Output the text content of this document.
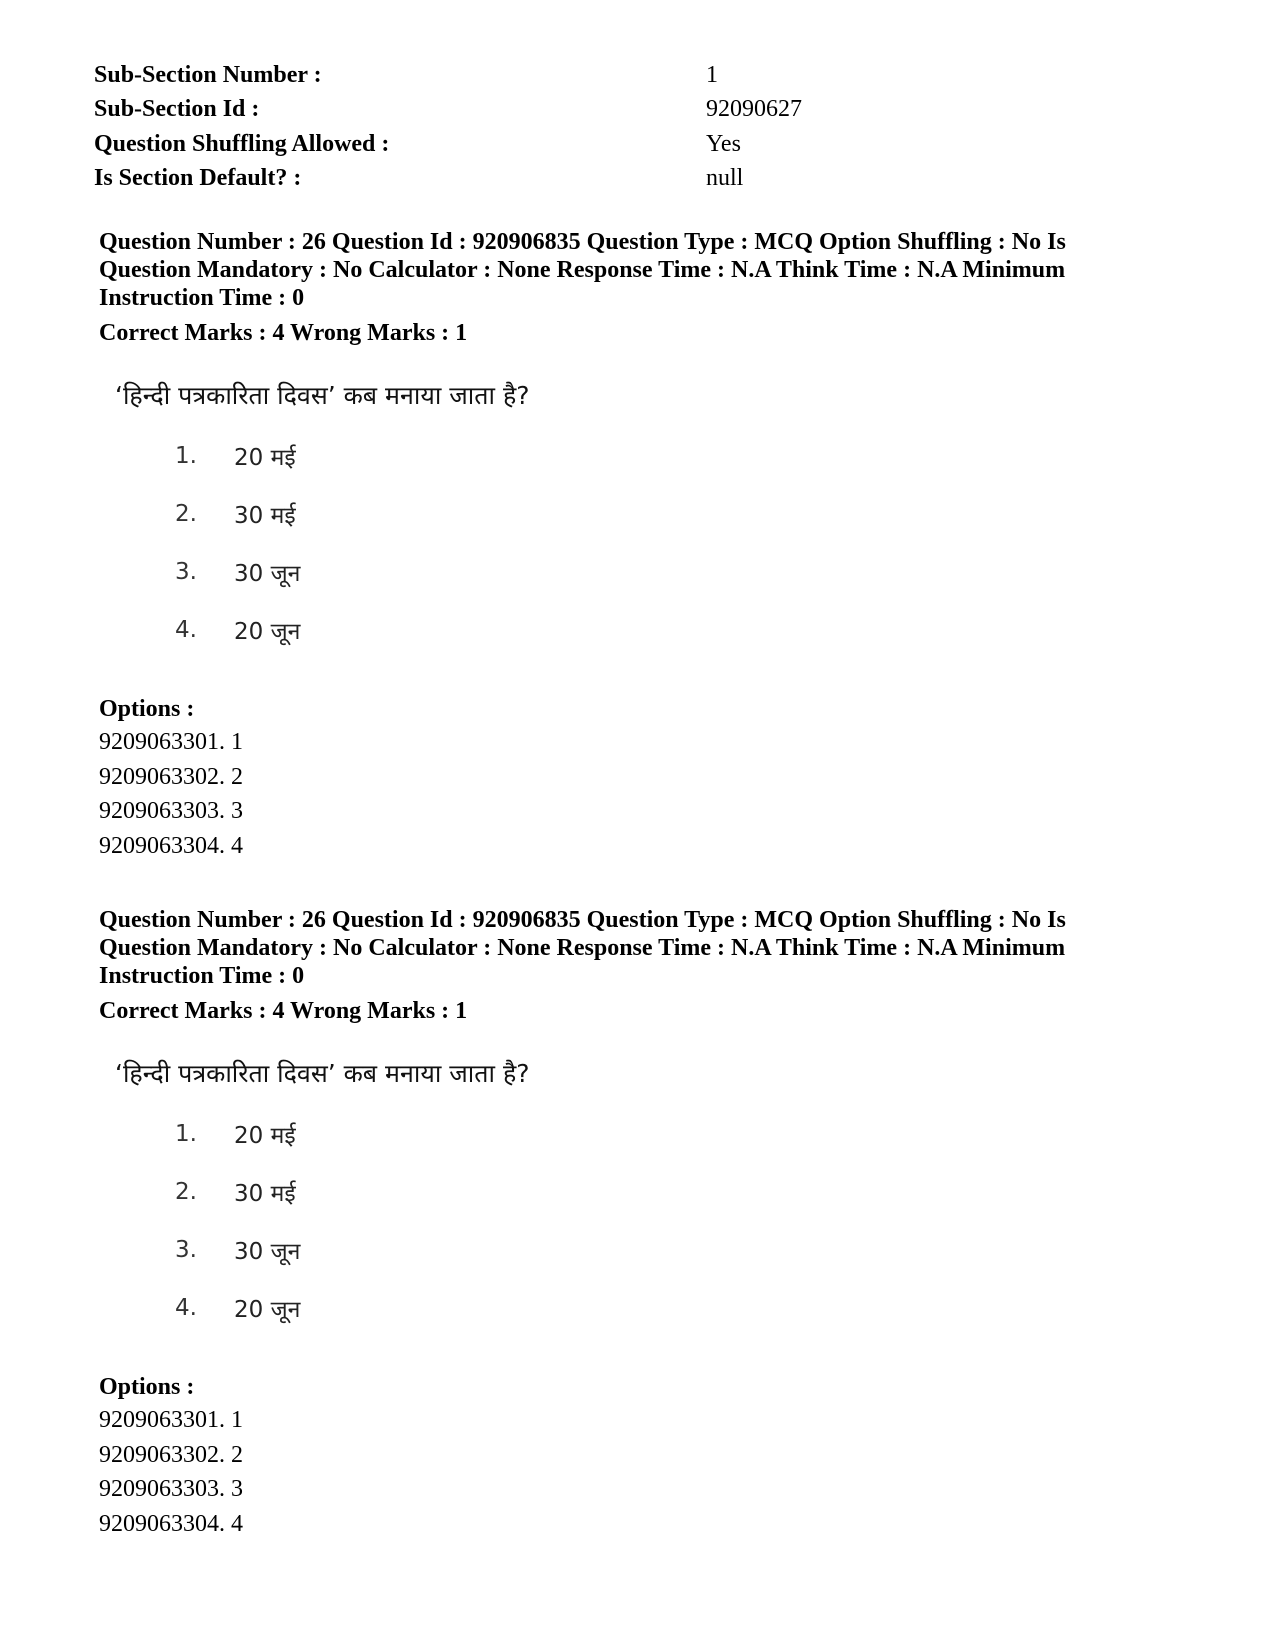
Sub-Section Number :	1
Sub-Section Id :	92090627
Question Shuffling Allowed :	Yes
Is Section Default? :	null
Question Number : 26 Question Id : 920906835 Question Type : MCQ Option Shuffling : No Is
Question Mandatory : No Calculator : None Response Time : N.A Think Time : N.A Minimum
Instruction Time : 0
Correct Marks : 4 Wrong Marks : 1
‘हिन्दी पत्रकारिता दिवस’ कब मनाया जाता है?
1.	20 मई
2.	30 मई
3.	30 जून
4.	20 जून
Options :
9209063301. 1
9209063302. 2
9209063303. 3
9209063304. 4
Question Number : 26 Question Id : 920906835 Question Type : MCQ Option Shuffling : No Is
Question Mandatory : No Calculator : None Response Time : N.A Think Time : N.A Minimum
Instruction Time : 0
Correct Marks : 4 Wrong Marks : 1
‘हिन्दी पत्रकारिता दिवस’ कब मनाया जाता है?
1.	20 मई
2.	30 मई
3.	30 जून
4.	20 जून
Options :
9209063301. 1
9209063302. 2
9209063303. 3
9209063304. 4
